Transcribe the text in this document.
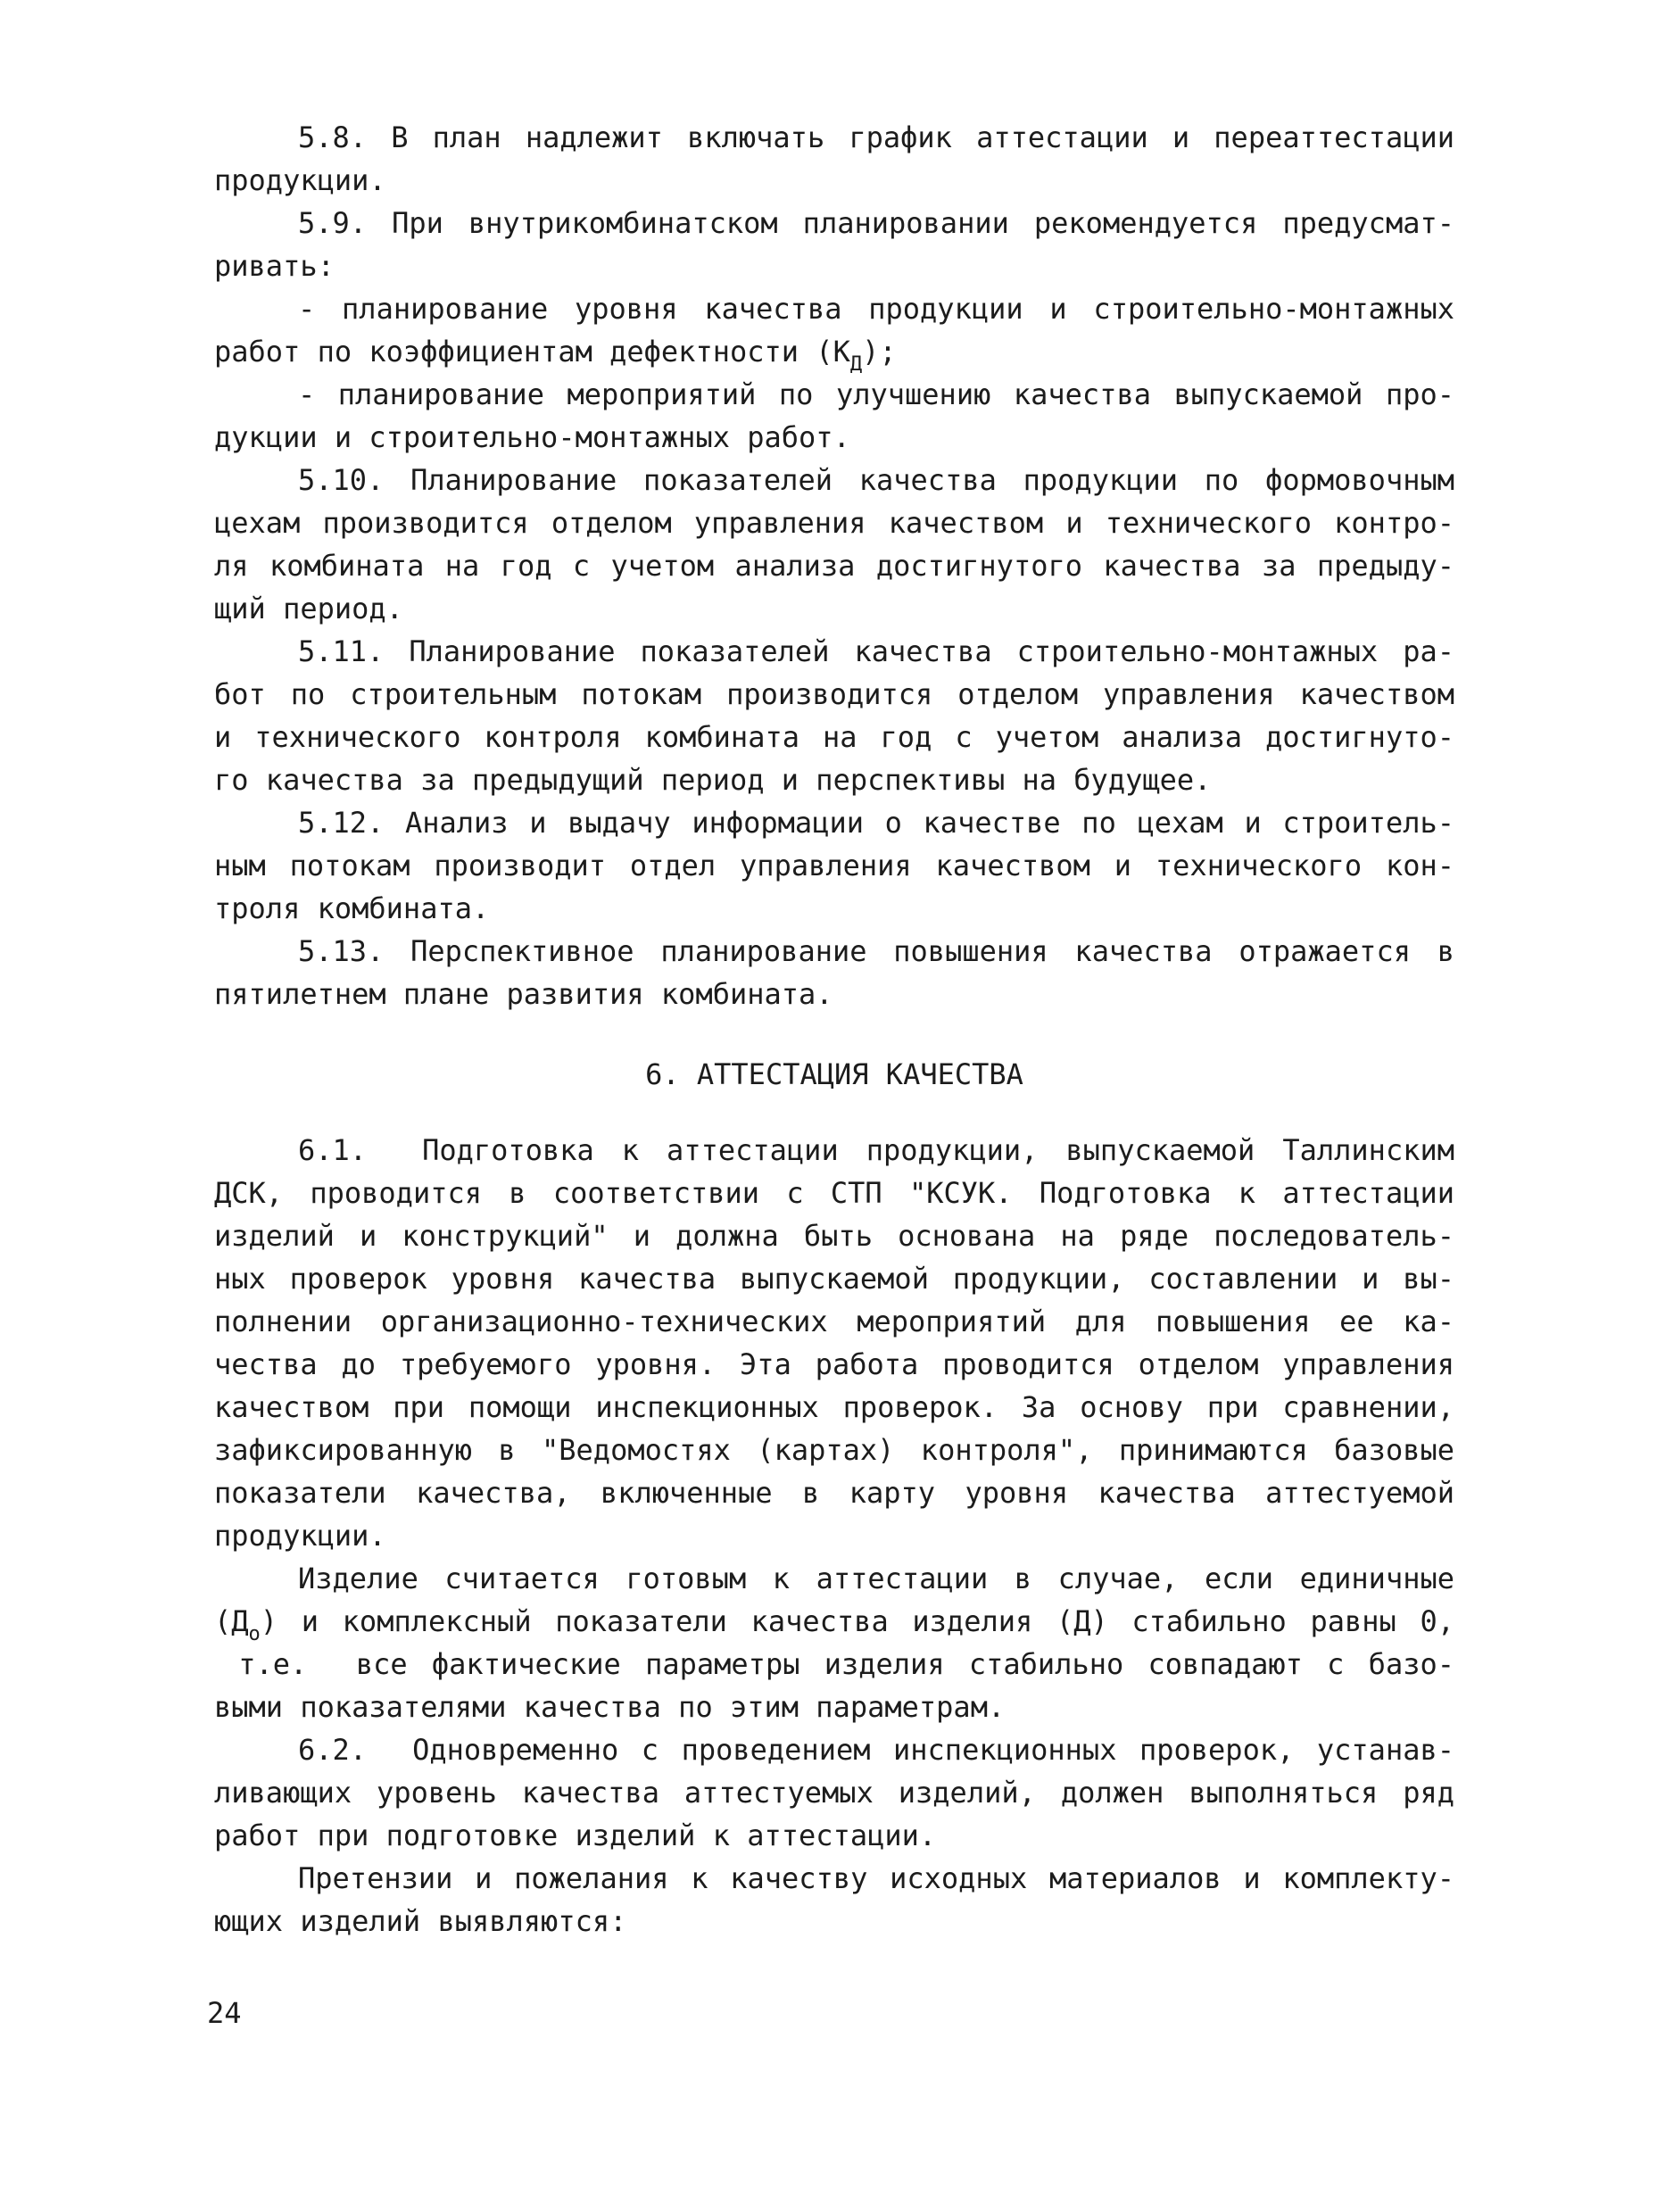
5.8. В план надлежит включать график аттестации и переаттестации
продукции.
5.9. При внутрикомбинатском планировании рекомендуется предусмат-
ривать:
- планирование уровня качества продукции и строительно-монтажных
работ по коэффициентам дефектности $(К_Д)$;
- планирование мероприятий по улучшению качества выпускаемой про-
дукции и строительно-монтажных работ.
5.10. Планирование показателей качества продукции по формовочным
цехам производится отделом управления качеством и технического контро-
ля комбината на год с учетом анализа достигнутого качества за предыду-
щий период.
5.11. Планирование показателей качества строительно-монтажных ра-
бот по строительным потокам производится отделом управления качеством
и технического контроля комбината на год с учетом анализа достигнуто-
го качества за предыдущий период и перспективы на будущее.
5.12. Анализ и выдачу информации о качестве по цехам и строитель-
ным потокам производит отдел управления качеством и технического кон-
троля комбината.
5.13. Перспективное планирование повышения качества отражается в
пятилетнем плане развития комбината.
6. АТТЕСТАЦИЯ КАЧЕСТВА
6.1.  Подготовка к аттестации продукции, выпускаемой Таллинским
ДСК, проводится в соответствии с СТП "КСУК. Подготовка к аттестации
изделий и конструкций" и должна быть основана на ряде последователь-
ных проверок уровня качества выпускаемой продукции, составлении и вы-
полнении организационно-технических мероприятий для повышения ее ка-
чества до требуемого уровня. Эта работа проводится отделом управления
качеством при помощи инспекционных проверок. За основу при сравнении,
зафиксированную в "Ведомостях (картах) контроля", принимаются базовые
показатели качества, включенные в карту уровня качества аттестуемой
продукции.
Изделие считается готовым к аттестации в случае, если единичные
$(Д_о)$ и комплексный показатели качества изделия (Д) стабильно равны 0,
т.е.  все фактические параметры изделия стабильно совпадают с базо-
выми показателями качества по этим параметрам.
6.2.  Одновременно с проведением инспекционных проверок, устанав-
ливающих уровень качества аттестуемых изделий, должен выполняться ряд
работ при подготовке изделий к аттестации.
Претензии и пожелания к качеству исходных материалов и комплекту-
ющих изделий выявляются:
24
